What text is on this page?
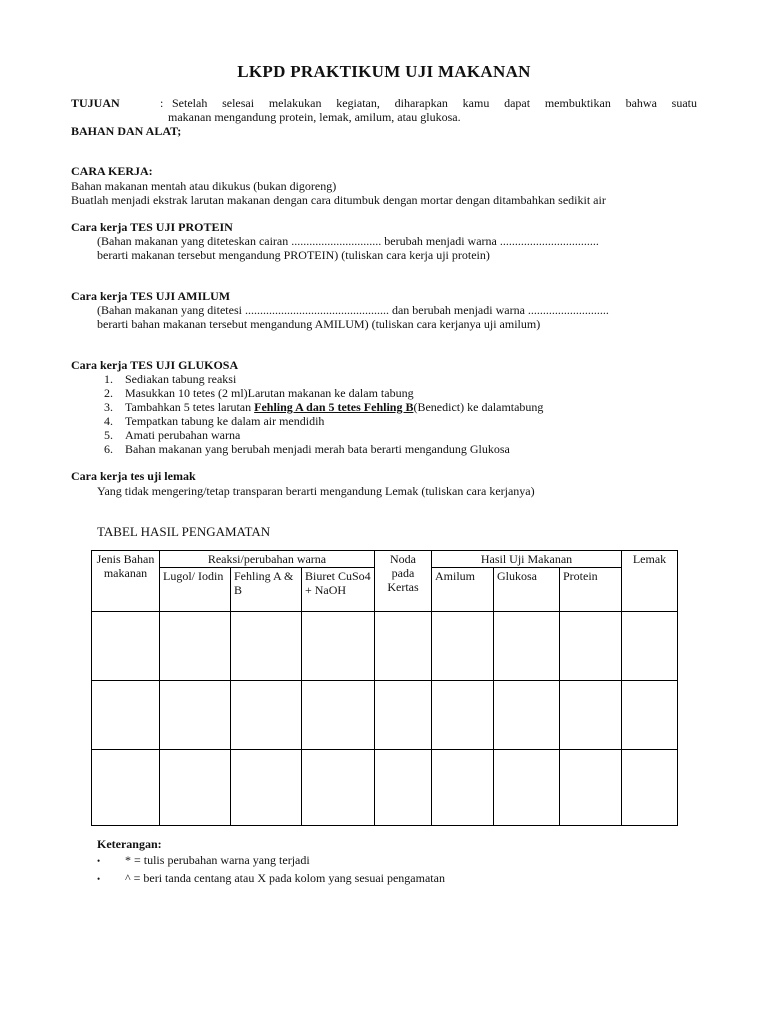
LKPD PRAKTIKUM UJI MAKANAN
TUJUAN	: Setelah selesai melakukan kegiatan, diharapkan kamu dapat membuktikan bahwa suatu
makanan mengandung protein, lemak, amilum, atau glukosa.
BAHAN DAN ALAT;
CARA KERJA:
Bahan makanan mentah atau dikukus (bukan digoreng)
Buatlah menjadi ekstrak larutan makanan dengan cara ditumbuk dengan mortar dengan ditambahkan sedikit air
Cara kerja TES UJI PROTEIN
(Bahan makanan yang diteteskan cairan .............................. berubah menjadi warna .................................
berarti makanan tersebut mengandung PROTEIN) (tuliskan cara kerja uji protein)
Cara kerja TES UJI AMILUM
(Bahan makanan yang ditetesi ................................................ dan berubah menjadi warna ...........................
berarti bahan makanan tersebut mengandung AMILUM) (tuliskan cara kerjanya uji amilum)
Cara kerja TES UJI GLUKOSA
1. Sediakan tabung reaksi
2. Masukkan 10 tetes (2 ml)Larutan makanan ke dalam tabung
3. Tambahkan 5 tetes larutan Fehling A dan 5 tetes Fehling B(Benedict) ke dalamtabung
4. Tempatkan tabung ke dalam air mendidih
5. Amati perubahan warna
6. Bahan makanan yang berubah menjadi merah bata berarti mengandung Glukosa
Cara kerja tes uji lemak
Yang tidak mengering/tetap transparan berarti mengandung Lemak (tuliskan cara kerjanya)
TABEL HASIL PENGAMATAN
Jenis Bahan makanan	Reaksi/perubahan warna			Noda pada Kertas	Hasil Uji Makanan			Lemak
	Lugol/ Iodin	Fehling A & B	Biuret CuSo4 + NaOH		Amilum	Glukosa	Protein	

Keterangan:
• * = tulis perubahan warna yang terjadi
• ^ = beri tanda centang atau X pada kolom yang sesuai pengamatan
